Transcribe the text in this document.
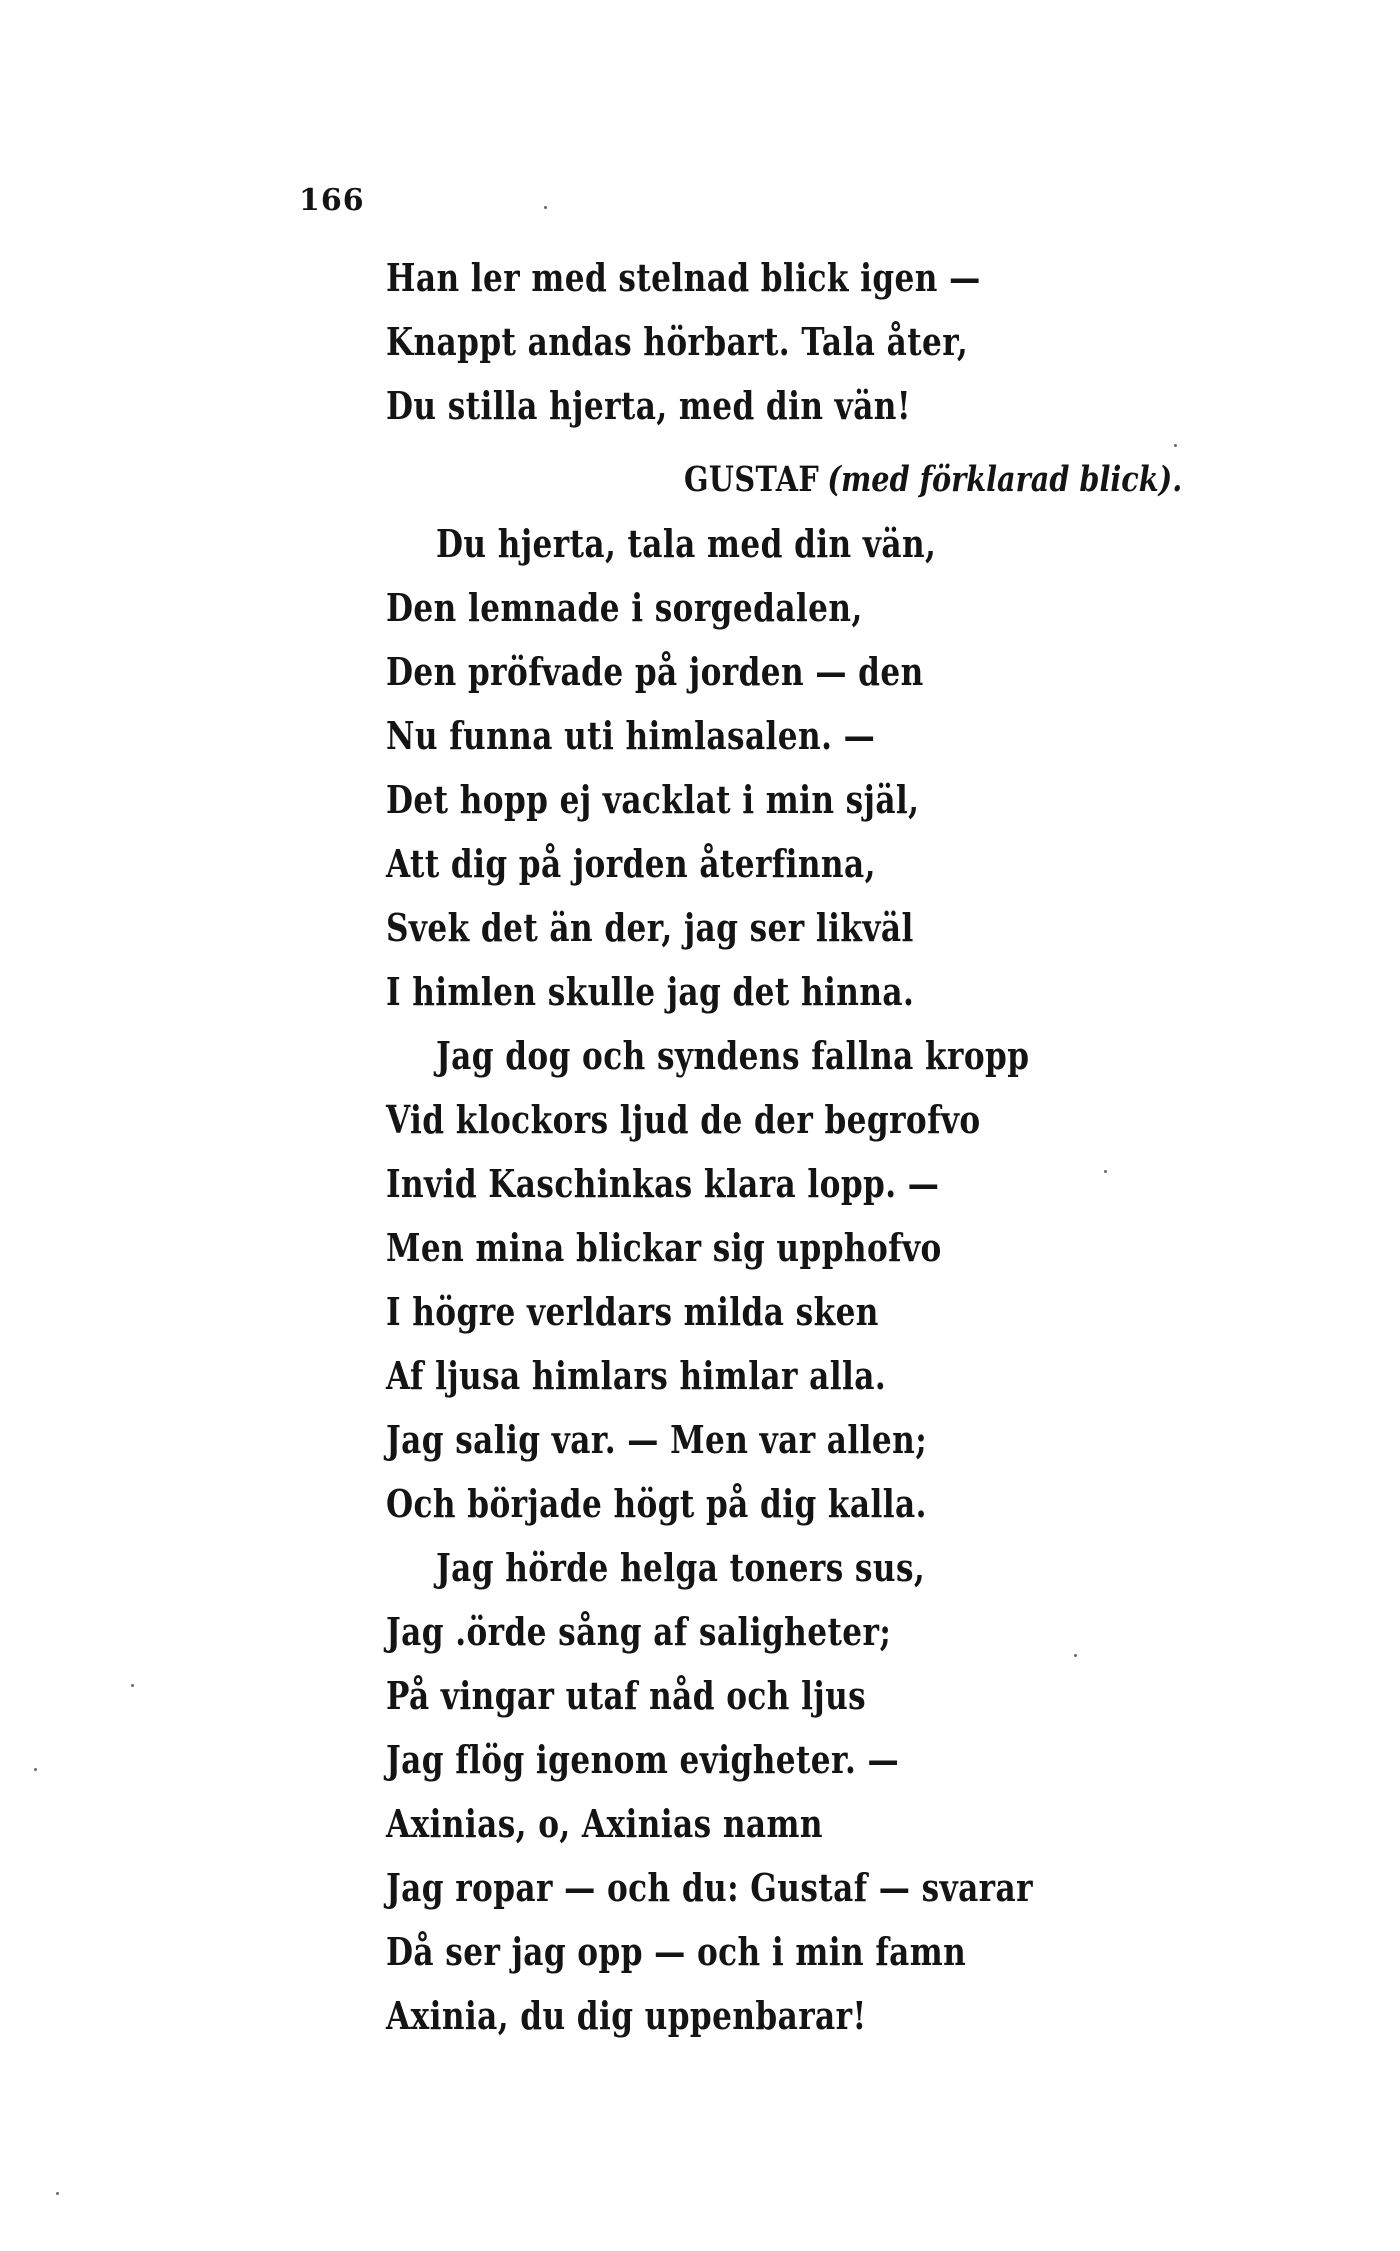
166
Han ler med stelnad blick igen —
Knappt andas hörbart. Tala åter,
Du stilla hjerta, med din vän!
GUSTAF (med förklarad blick).
Du hjerta, tala med din vän,
Den lemnade i sorgedalen,
Den pröfvade på jorden — den
Nu funna uti himlasalen. —
Det hopp ej vacklat i min själ,
Att dig på jorden återfinna,
Svek det än der, jag ser likväl
I himlen skulle jag det hinna.
Jag dog och syndens fallna kropp
Vid klockors ljud de der begrofvo
Invid Kaschinkas klara lopp. —
Men mina blickar sig upphofvo
I högre verldars milda sken
Af ljusa himlars himlar alla.
Jag salig var. — Men var allen;
Och började högt på dig kalla.
Jag hörde helga toners sus,
Jag .örde sång af saligheter;
På vingar utaf nåd och ljus
Jag flög igenom evigheter. —
Axinias, o, Axinias namn
Jag ropar — och du: Gustaf — svarar
Då ser jag opp — och i min famn
Axinia, du dig uppenbarar!
